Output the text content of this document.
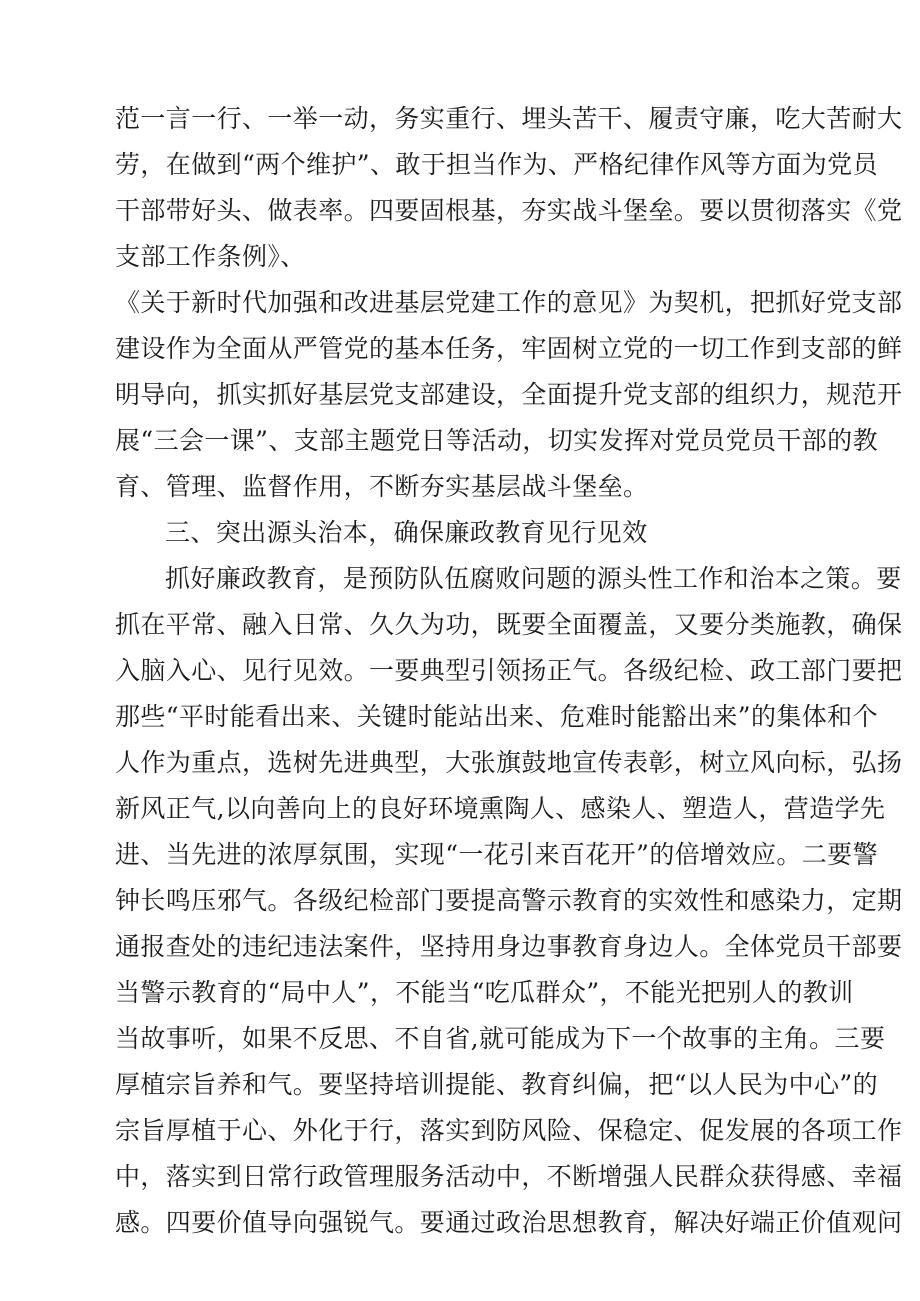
范一言一行、一举一动，务实重行、埋头苦干、履责守廉，吃大苦耐大
劳，在做到“两个维护”、敢于担当作为、严格纪律作风等方面为党员
干部带好头、做表率。四要固根基，夯实战斗堡垒。要以贯彻落实《党
支部工作条例》、
《关于新时代加强和改进基层党建工作的意见》为契机，把抓好党支部
建设作为全面从严管党的基本任务，牢固树立党的一切工作到支部的鲜
明导向，抓实抓好基层党支部建设，全面提升党支部的组织力，规范开
展“三会一课”、支部主题党日等活动，切实发挥对党员党员干部的教
育、管理、监督作用，不断夯实基层战斗堡垒。
三、突出源头治本，确保廉政教育见行见效
抓好廉政教育，是预防队伍腐败问题的源头性工作和治本之策。要
抓在平常、融入日常、久久为功，既要全面覆盖，又要分类施教，确保
入脑入心、见行见效。一要典型引领扬正气。各级纪检、政工部门要把
那些“平时能看出来、关键时能站出来、危难时能豁出来”的集体和个
人作为重点，选树先进典型，大张旗鼓地宣传表彰，树立风向标，弘扬
新风正气,以向善向上的良好环境熏陶人、感染人、塑造人，营造学先
进、当先进的浓厚氛围，实现“一花引来百花开”的倍增效应。二要警
钟长鸣压邪气。各级纪检部门要提高警示教育的实效性和感染力，定期
通报查处的违纪违法案件，坚持用身边事教育身边人。全体党员干部要
当警示教育的“局中人”，不能当“吃瓜群众”，不能光把别人的教训
当故事听，如果不反思、不自省,就可能成为下一个故事的主角。三要
厚植宗旨养和气。要坚持培训提能、教育纠偏，把“以人民为中心”的
宗旨厚植于心、外化于行，落实到防风险、保稳定、促发展的各项工作
中，落实到日常行政管理服务活动中，不断增强人民群众获得感、幸福
感。四要价值导向强锐气。要通过政治思想教育，解决好端正价值观问
